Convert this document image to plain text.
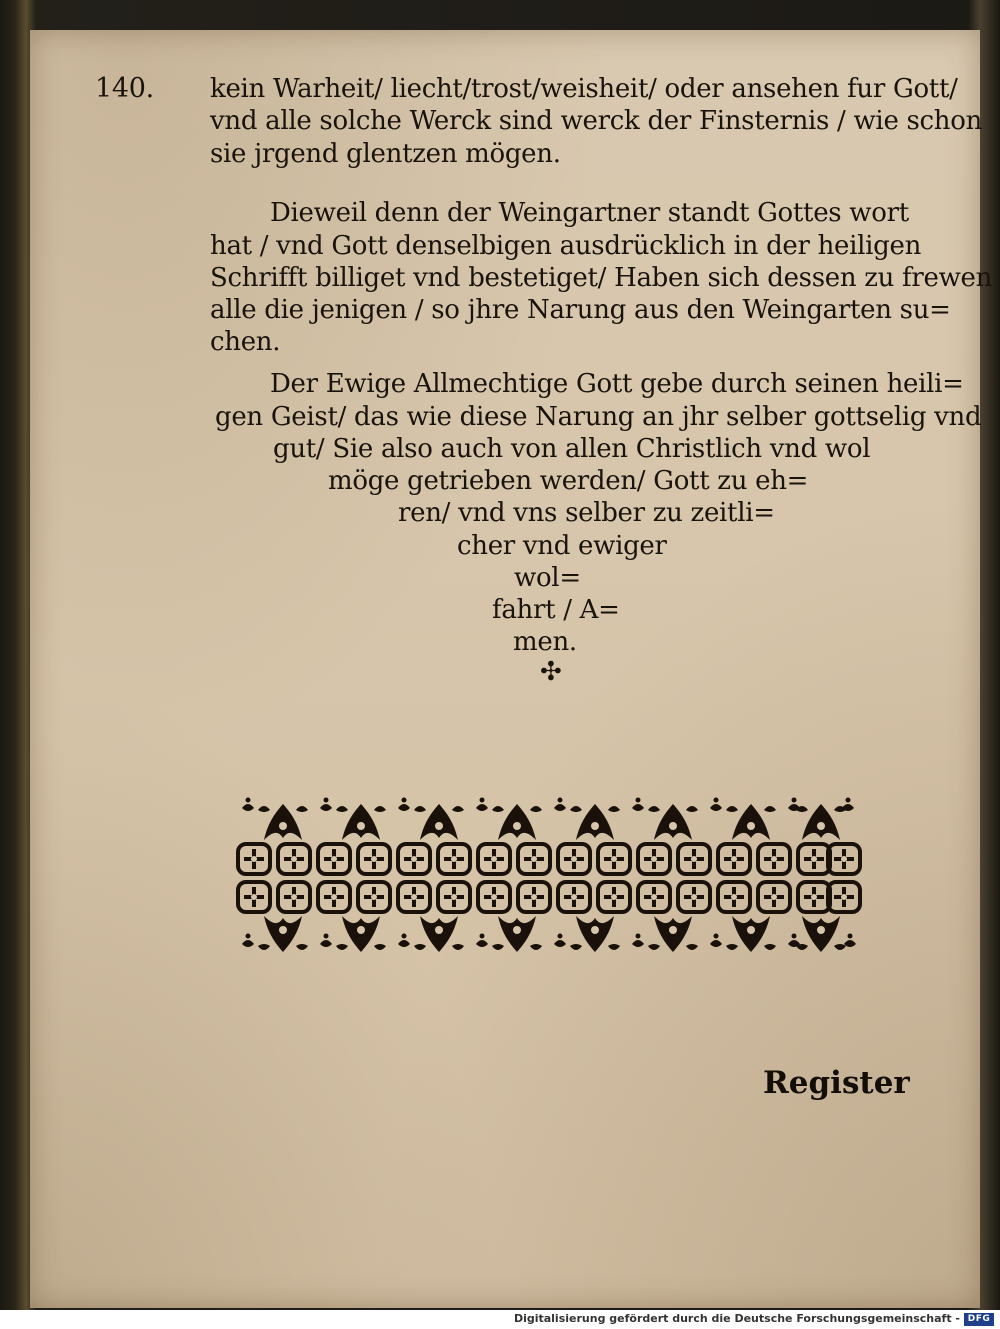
140. kein Warheit/ liecht/trost/weisheit/ oder ansehen fur Gott/
vnd alle solche Werck sind werck der Finsternis / wie schon
sie jrgend glentzen mögen.
Dieweil denn der Weingartner standt Gottes wort
hat / vnd Gott denselbigen ausdrücklich in der heiligen
Schrifft billiget vnd bestetiget/ Haben sich dessen zu frewen
alle die jenigen / so jhre Narung aus den Weingarten su=
chen.
Der Ewige Allmechtige Gott gebe durch seinen heili=
gen Geist/ das wie diese Narung an jhr selber gottselig vnd
gut/ Sie also auch von allen Christlich vnd wol
möge getrieben werden/ Gott zu eh=
ren/ vnd vns selber zu zeitli=
cher vnd ewiger
wol=
fahrt / A=
men.
✣
Register
Digitalisierung gefördert durch die Deutsche Forschungsgemeinschaft - DFG
